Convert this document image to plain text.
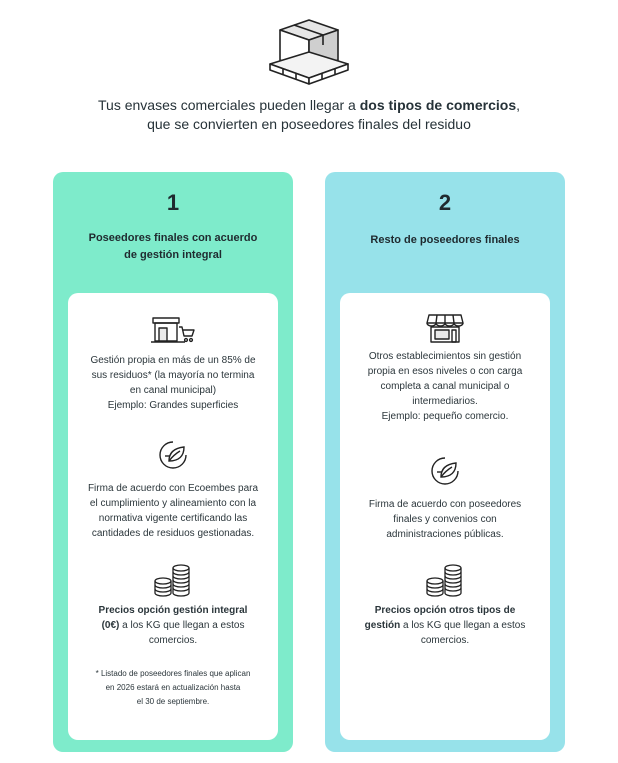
Tus envases comerciales pueden llegar a dos tipos de comercios,
que se convierten en poseedores finales del residuo
1
Poseedores finales con acuerdo
de gestión integral
Gestión propia en más de un 85% de
sus residuos* (la mayoría no termina
en canal municipal)
Ejemplo: Grandes superficies
Firma de acuerdo con Ecoembes para
el cumplimiento y alineamiento con la
normativa vigente certificando las
cantidades de residuos gestionadas.
Precios opción gestión integral
(0€) a los KG que llegan a estos
comercios.
* Listado de poseedores finales que aplican
en 2026 estará en actualización hasta
el 30 de septiembre.
2
Resto de poseedores finales
Otros establecimientos sin gestión
propia en esos niveles o con carga
completa a canal municipal o
intermediarios.
Ejemplo: pequeño comercio.
Firma de acuerdo con poseedores
finales y convenios con
administraciones públicas.
Precios opción otros tipos de
gestión a los KG que llegan a estos
comercios.
